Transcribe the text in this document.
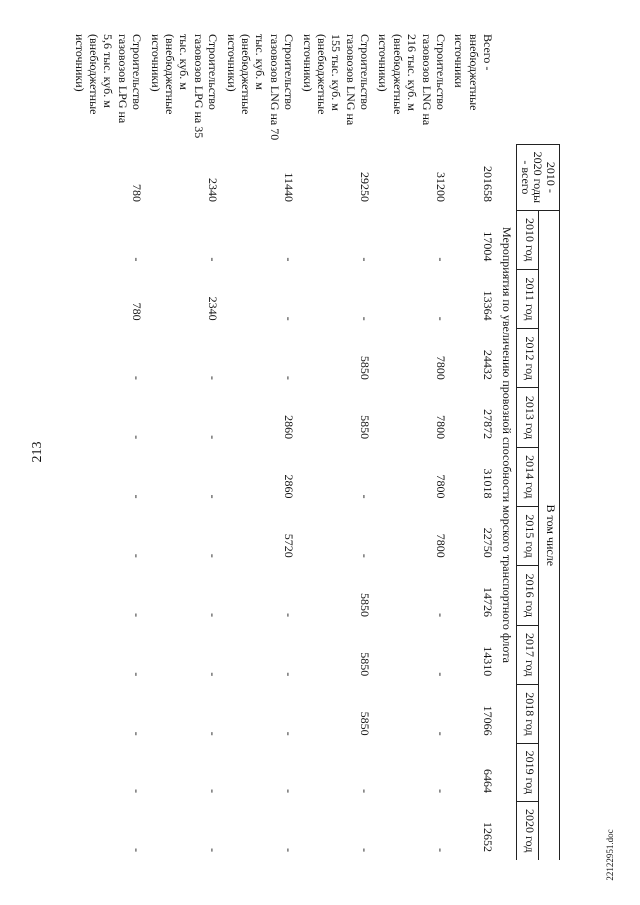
213
	2010 - 2020 годы - всего	В том числе										
		2010 год	2011 год	2012 год	2013 год	2014 год	2015 год	2016 год	2017 год	2018 год	2019 год	2020 год
Мероприятия по увеличению провозной способности морского транспортного флота												
Всего - внебюджетные источники	201658	17004	13364	24432	27872	31018	22750	14726	14310	17066	6464	12652
Строительство газовозов LNG на 216 тыс. куб. м (внебюджетные источники)	31200	-	-	7800	7800	7800	7800	-	-	-	-	-
Строительство газовозов LNG на 155 тыс. куб. м (внебюджетные источники)	29250	-	-	5850	5850	-	-	5850	5850	5850	-	-
Строительство газовозов LNG на 70 тыс. куб. м (внебюджетные источники)	11440	-	-	-	2860	2860	5720	-	-	-	-	-
Строительство газовозов LPG на 35 тыс. куб. м (внебюджетные источники)	2340	-	2340	-	-	-	-	-	-	-	-	-
Строительство газовозов LPG на 5,6 тыс. куб. м (внебюджетные источники)	780	-	780	-	-	-	-	-	-	-	-	-	22122951.doc
